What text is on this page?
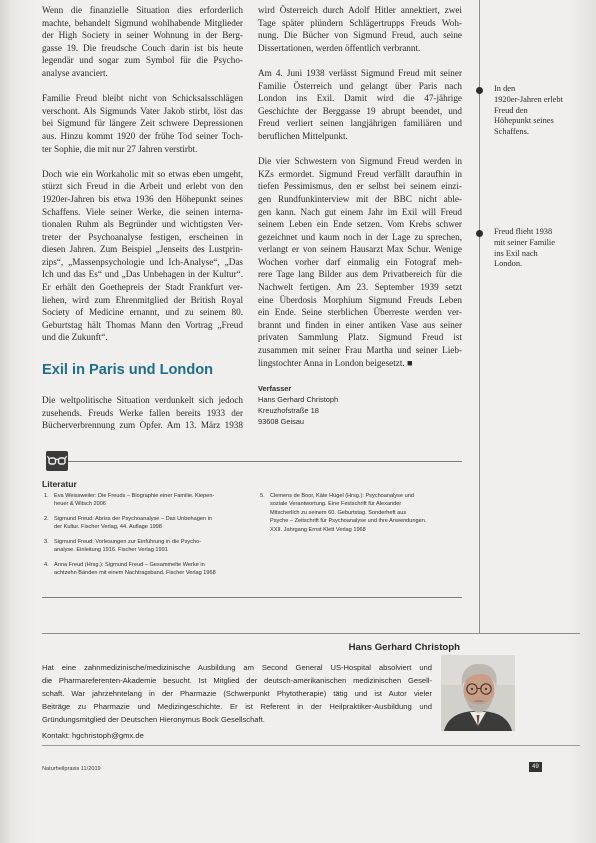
Wenn die finanzielle Situation dies erforderlich
machte, behandelt Sigmund wohlhabende Mitglieder
der High Society in seiner Wohnung in der Berg-
gasse 19. Die freudsche Couch darin ist bis heute
legendär und sogar zum Symbol für die Psycho-
analyse avanciert.
Familie Freud bleibt nicht von Schicksalsschlägen
verschont. Als Sigmunds Vater Jakob stirbt, löst das
bei Sigmund für längere Zeit schwere Depressionen
aus. Hinzu kommt 1920 der frühe Tod seiner Toch-
ter Sophie, die mit nur 27 Jahren verstirbt.
Doch wie ein Workaholic mit so etwas eben umgeht,
stürzt sich Freud in die Arbeit und erlebt von den
1920er-Jahren bis etwa 1936 den Höhepunkt seines
Schaffens. Viele seiner Werke, die seinen interna-
tionalen Ruhm als Begründer und wichtigsten Ver-
treter der Psychoanalyse festigen, erscheinen in
diesen Jahren. Zum Beispiel „Jenseits des Lustprin-
zips“, „Massenpsychologie und Ich-Analyse“, „Das
Ich und das Es“ und „Das Unbehagen in der Kultur“.
Er erhält den Goethepreis der Stadt Frankfurt ver-
liehen, wird zum Ehrenmitglied der British Royal
Society of Medicine ernannt, und zu seinem 80.
Geburtstag hält Thomas Mann den Vortrag „Freud
und die Zukunft“.
Exil in Paris und London
Die weltpolitische Situation verdunkelt sich jedoch
zusehends. Freuds Werke fallen bereits 1933 der
Bücherverbrennung zum Opfer. Am 13. März 1938
wird Österreich durch Adolf Hitler annektiert, zwei
Tage später plündern Schlägertrupps Freuds Woh-
nung. Die Bücher von Sigmund Freud, auch seine
Dissertationen, werden öffentlich verbrannt.
Am 4. Juni 1938 verlässt Sigmund Freud mit seiner
Familie Österreich und gelangt über Paris nach
London ins Exil. Damit wird die 47-jährige
Geschichte der Berggasse 19 abrupt beendet, und
Freud verliert seinen langjährigen familiären und
beruflichen Mittelpunkt.
Die vier Schwestern von Sigmund Freud werden in
KZs ermordet. Sigmund Freud verfällt daraufhin in
tiefen Pessimismus, den er selbst bei seinem einzi-
gen Rundfunkinterview mit der BBC nicht able-
gen kann. Nach gut einem Jahr im Exil will Freud
seinem Leben ein Ende setzen. Vom Krebs schwer
gezeichnet und kaum noch in der Lage zu sprechen,
verlangt er von seinem Hausarzt Max Schur. Wenige
Wochen vorher darf einmalig ein Fotograf meh-
rere Tage lang Bilder aus dem Privatbereich für die
Nachwelt fertigen. Am 23. September 1939 setzt
eine Überdosis Morphium Sigmund Freuds Leben
ein Ende. Seine sterblichen Überreste werden ver-
brannt und finden in einer antiken Vase aus seiner
privaten Sammlung Platz. Sigmund Freud ist
zusammen mit seiner Frau Martha und seiner Lieb-
lingstochter Anna in London beigesetzt. ■
Verfasser
Hans Gerhard Christoph
Kreuzhofstraße 18
93608 Geisau
In den
1920er-Jahren erlebt
Freud den
Höhepunkt seines
Schaffens.
Freud flieht 1938
mit seiner Familie
ins Exil nach
London.
Literatur
1. Eva Weissweiler: Die Freuds – Biographie einer Familie. Kiepen-
heuer & Witsch 2006
2. Sigmund Freud: Abriss der Psychoanalyse – Das Unbehagen in
der Kultur. Fischer Verlag, 44. Auflage 1998
3. Sigmund Freud: Vorlesungen zur Einführung in die Psycho-
analyse. Einleitung 1916. Fischer Verlag 1991
4. Anna Freud (Hrsg.): Sigmund Freud – Gesammelte Werke in
achtzehn Bänden mit einem Nachtragsband. Fischer Verlag 1968
5. Clemens de Boor, Käte Hügel (Hrsg.): Psychoanalyse und
soziale Verantwortung. Eine Festschrift für Alexander
Mitscherlich zu seinem 60. Geburtstag. Sonderheft aus
Psyche – Zeitschrift für Psychoanalyse und ihre Anwendungen.
XXII. Jahrgang Ernst Klett Verlag 1968
Hans Gerhard Christoph
Hat eine zahnmedizinische/medizinische Ausbildung am Second General US-Hospital absolviert und
die Pharmareferenten-Akademie besucht. Ist Mitglied der deutsch-amerikanischen medizinischen Gesell-
schaft. War jahrzehntelang in der Pharmazie (Schwerpunkt Phytotherapie) tätig und ist Autor vieler
Beiträge zu Pharmazie und Medizingeschichte. Er ist Referent in der Heilpraktiker-Ausbildung und
Gründungsmitglied der Deutschen Hieronymus Bock Gesellschaft.
Kontakt: hgchristoph@gmx.de
Naturheilpraxis 11/2019	49
